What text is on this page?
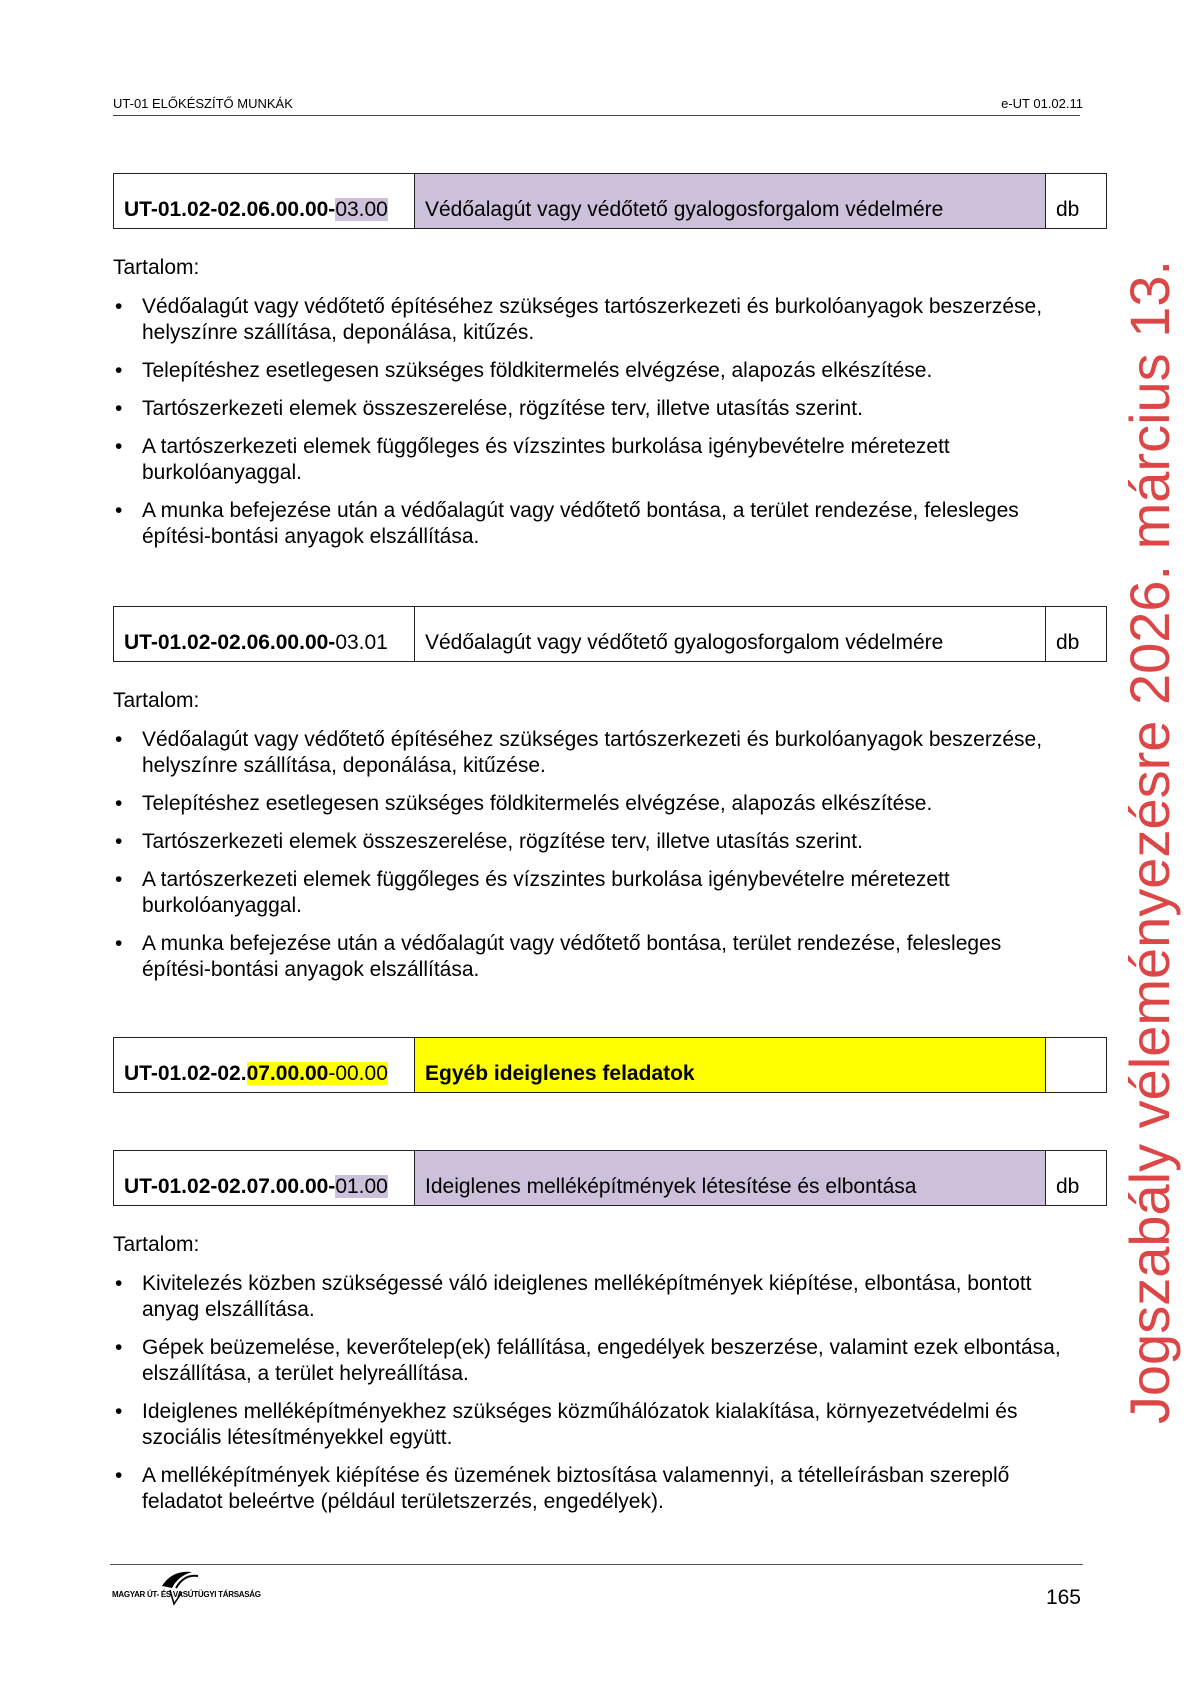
UT-01 ELŐKÉSZÍTŐ MUNKÁK	e-UT 01.02.11
UT-01.02-02.06.00.00-03.00	Védőalagút vagy védőtető gyalogosforgalom védelmére	db
Tartalom:
• Védőalagút vagy védőtető építéséhez szükséges tartószerkezeti és burkolóanyagok beszerzése, helyszínre szállítása, deponálása, kitűzés.
• Telepítéshez esetlegesen szükséges földkitermelés elvégzése, alapozás elkészítése.
• Tartószerkezeti elemek összeszerelése, rögzítése terv, illetve utasítás szerint.
• A tartószerkezeti elemek függőleges és vízszintes burkolása igénybevételre méretezett burkolóanyaggal.
• A munka befejezése után a védőalagút vagy védőtető bontása, a terület rendezése, felesleges építési-bontási anyagok elszállítása.
UT-01.02-02.06.00.00-03.01	Védőalagút vagy védőtető gyalogosforgalom védelmére	db
Tartalom:
• Védőalagút vagy védőtető építéséhez szükséges tartószerkezeti és burkolóanyagok beszerzése, helyszínre szállítása, deponálása, kitűzése.
• Telepítéshez esetlegesen szükséges földkitermelés elvégzése, alapozás elkészítése.
• Tartószerkezeti elemek összeszerelése, rögzítése terv, illetve utasítás szerint.
• A tartószerkezeti elemek függőleges és vízszintes burkolása igénybevételre méretezett burkolóanyaggal.
• A munka befejezése után a védőalagút vagy védőtető bontása, terület rendezése, felesleges építési-bontási anyagok elszállítása.
UT-01.02-02.07.00.00-00.00	Egyéb ideiglenes feladatok	
UT-01.02-02.07.00.00-01.00	Ideiglenes melléképítmények létesítése és elbontása	db
Tartalom:
• Kivitelezés közben szükségessé váló ideiglenes melléképítmények kiépítése, elbontása, bontott anyag elszállítása.
• Gépek beüzemelése, keverőtelep(ek) felállítása, engedélyek beszerzése, valamint ezek elbontása, elszállítása, a terület helyreállítása.
• Ideiglenes melléképítményekhez szükséges közműhálózatok kialakítása, környezetvédelmi és szociális létesítményekkel együtt.
• A melléképítmények kiépítése és üzemének biztosítása valamennyi, a tételleírásban szereplő feladatot beleértve (például területszerzés, engedélyek).
MAGYAR ÚT- ÉS VASÚTÜGYI TÁRSASÁG	165
Jogszabály véleményezésre 2026. március 13.
